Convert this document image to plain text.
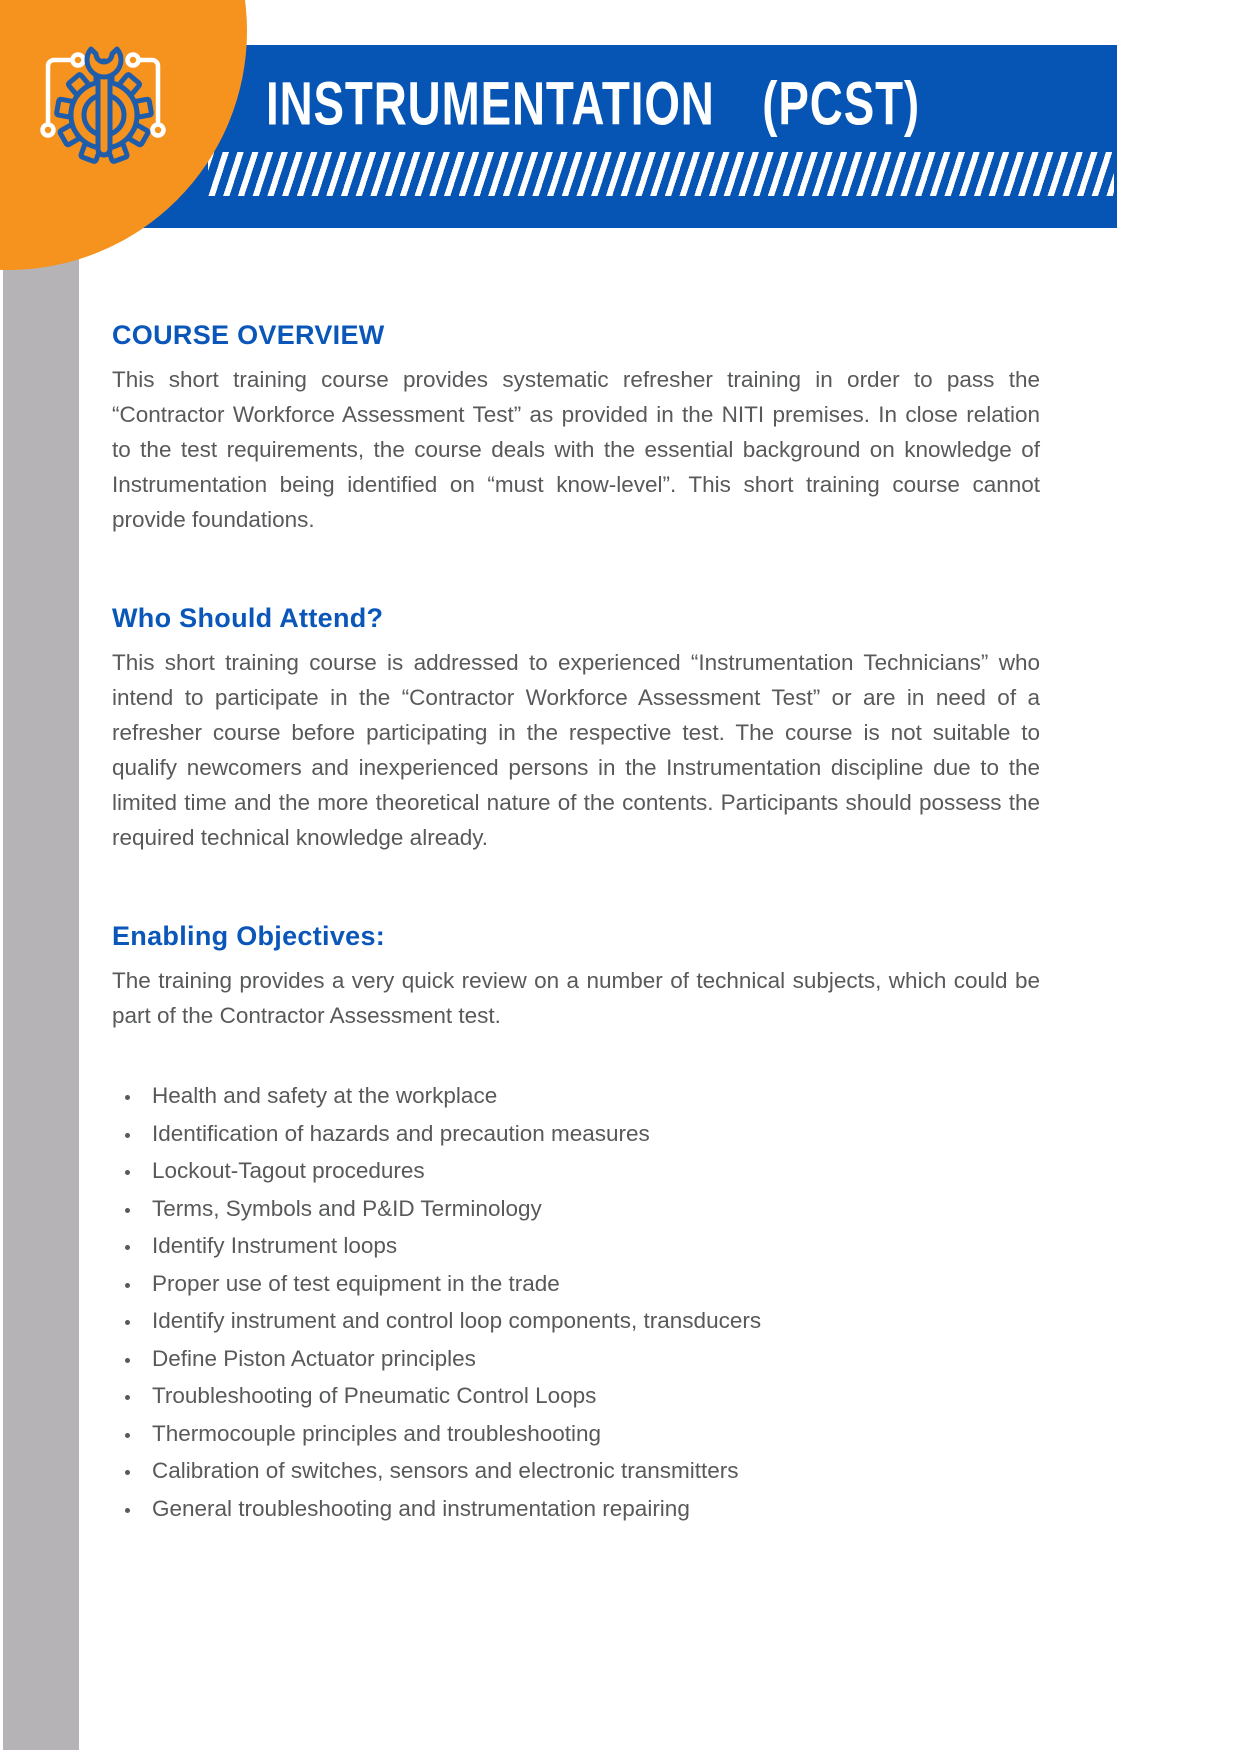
INSTRUMENTATION (PCST)
COURSE OVERVIEW

This short training course provides systematic refresher training in order to pass the “Contractor Workforce Assessment Test” as provided in the NITI premises. In close relation to the test requirements, the course deals with the essential background on knowledge of Instrumentation being identified on “must know-level”. This short training course cannot provide foundations.

Who Should Attend?

This short training course is addressed to experienced “Instrumentation Technicians” who intend to participate in the “Contractor Workforce Assessment Test” or are in need of a refresher course before participating in the respective test. The course is not suitable to qualify newcomers and inexperienced persons in the Instrumentation discipline due to the limited time and the more theoretical nature of the contents. Participants should possess the required technical knowledge already.

Enabling Objectives:

The training provides a very quick review on a number of technical subjects, which could be part of the Contractor Assessment test.

• Health and safety at the workplace
• Identification of hazards and precaution measures
• Lockout-Tagout procedures
• Terms, Symbols and P&ID Terminology
• Identify Instrument loops
• Proper use of test equipment in the trade
• Identify instrument and control loop components, transducers
• Define Piston Actuator principles
• Troubleshooting of Pneumatic Control Loops
• Thermocouple principles and troubleshooting
• Calibration of switches, sensors and electronic transmitters
• General troubleshooting and instrumentation repairing
